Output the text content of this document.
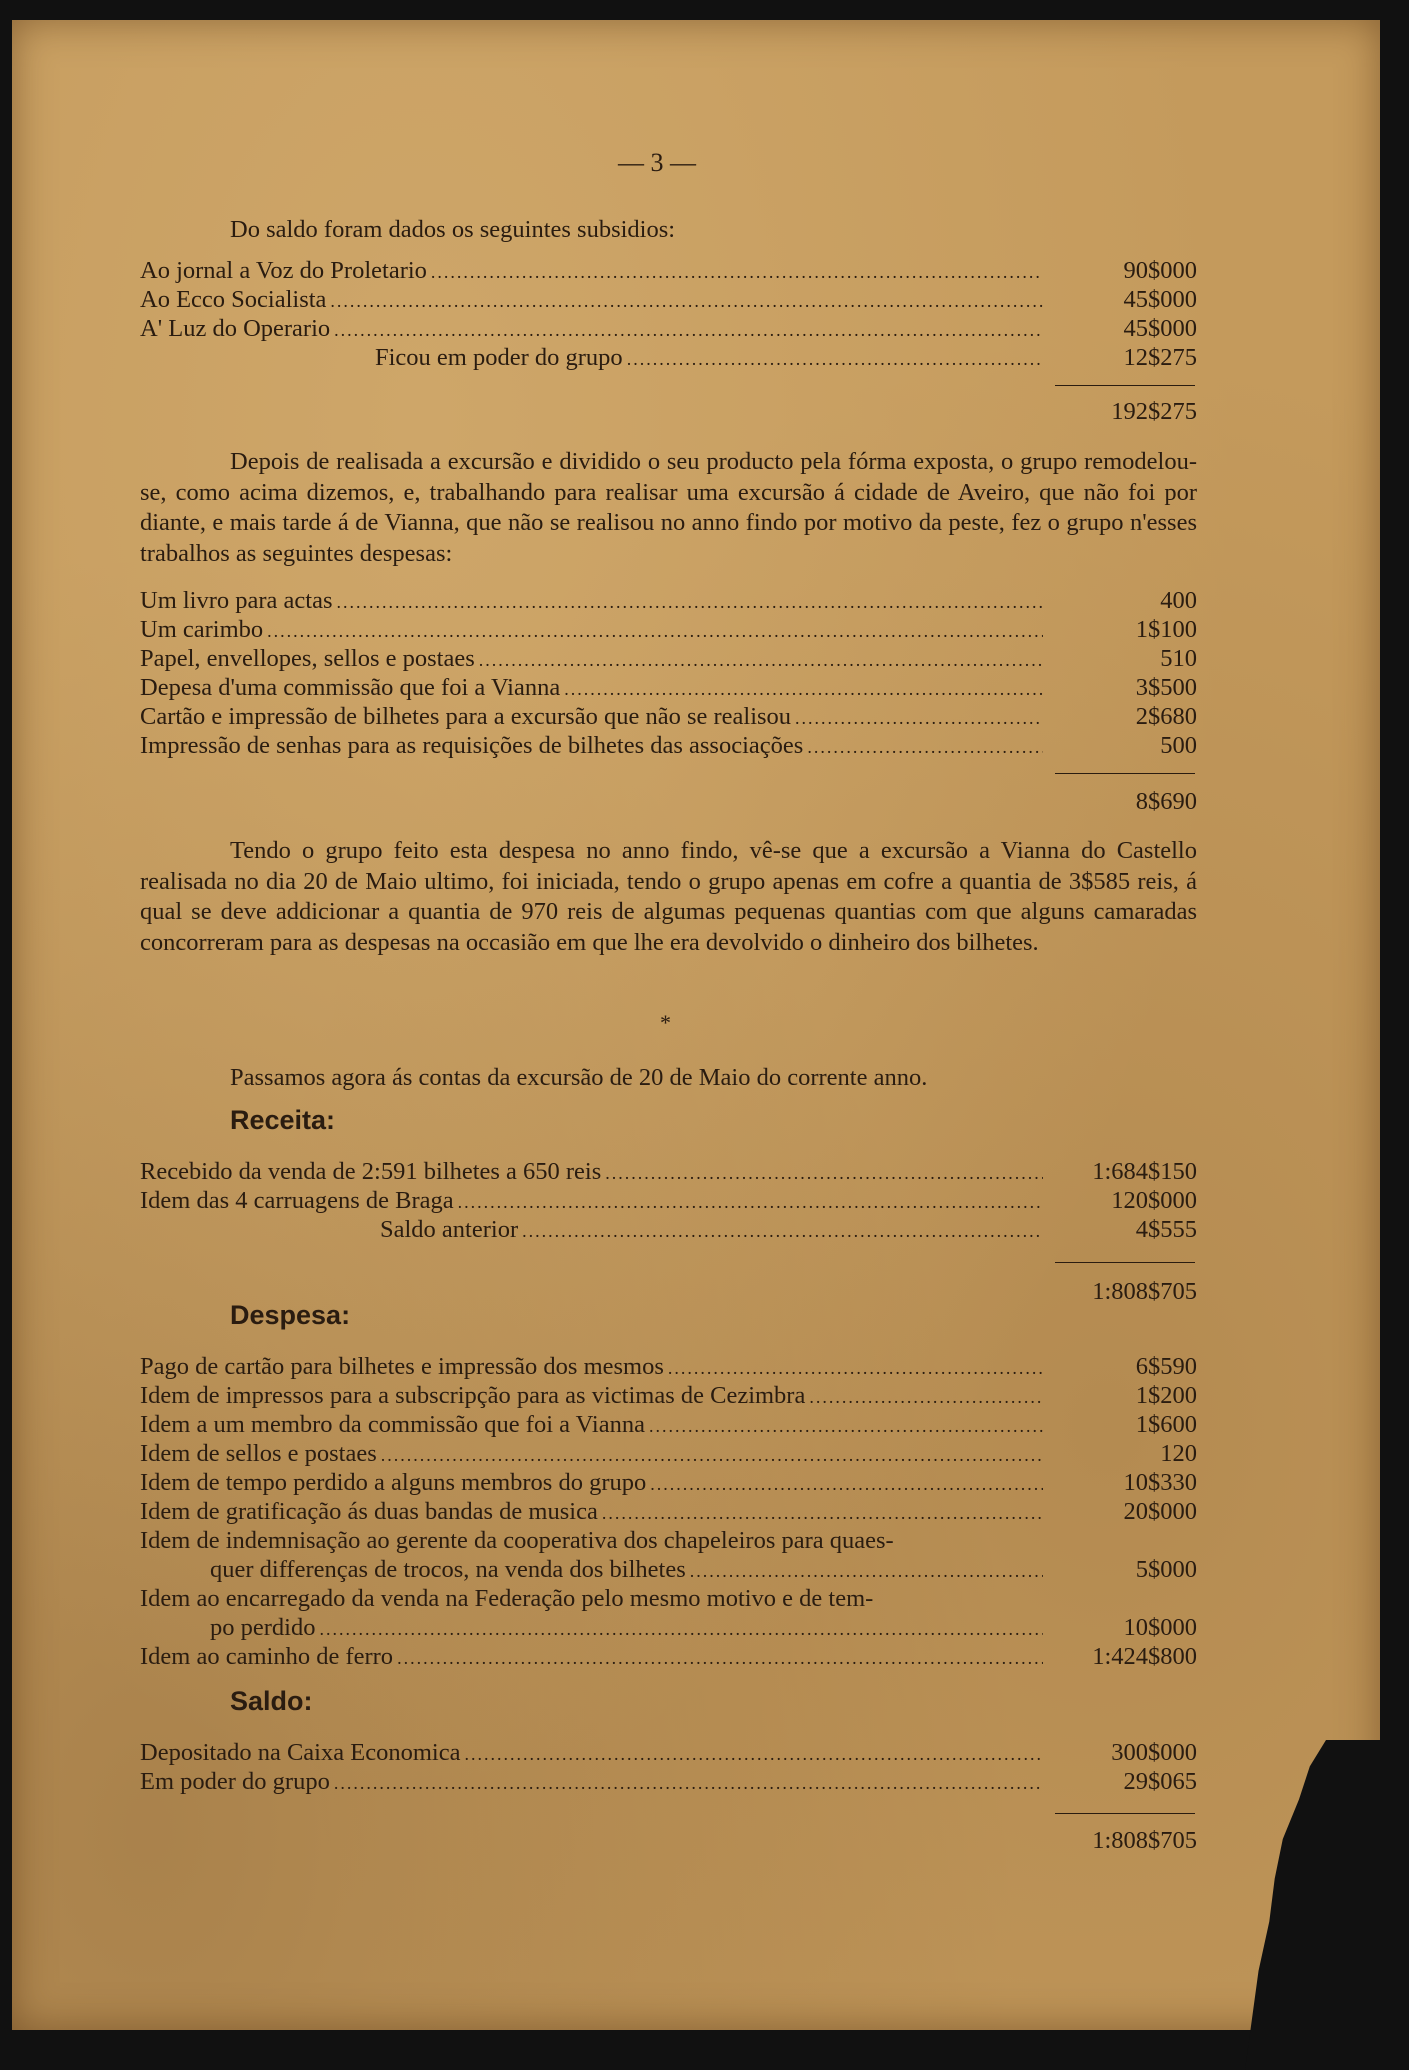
— 3 —
Do saldo foram dados os seguintes subsidios:
Ao jornal a Voz do Proletario .....	90$000
Ao Ecco Socialista .....	45$000
A' Luz do Operario .....	45$000
Ficou em poder do grupo .....	12$275
192$275
Depois de realisada a excursão e dividido o seu producto pela fórma exposta, o grupo remodelou-se, como acima dizemos, e, trabalhando para realisar uma excursão á cidade de Aveiro, que não foi por diante, e mais tarde á de Vianna, que não se realisou no anno findo por motivo da peste, fez o grupo n'esses trabalhos as seguintes despesas:
Um livro para actas .....	400
Um carimbo .....	1$100
Papel, envellopes, sellos e postaes .....	510
Depesa d'uma commissão que foi a Vianna .....	3$500
Cartão e impressão de bilhetes para a excursão que não se realisou .....	2$680
Impressão de senhas para as requisições de bilhetes das associações .....	500
8$690
Tendo o grupo feito esta despesa no anno findo, vê-se que a excursão a Vianna do Castello realisada no dia 20 de Maio ultimo, foi iniciada, tendo o grupo apenas em cofre a quantia de 3$585 reis, á qual se deve addicionar a quantia de 970 reis de algumas pequenas quantias com que alguns camaradas concorreram para as despesas na occasião em que lhe era devolvido o dinheiro dos bilhetes.
*
Passamos agora ás contas da excursão de 20 de Maio do corrente anno.
Receita:
Recebido da venda de 2:591 bilhetes a 650 reis .....	1:684$150
Idem das 4 carruagens de Braga .....	120$000
Saldo anterior .....	4$555
1:808$705
Despesa:
Pago de cartão para bilhetes e impressão dos mesmos .....	6$590
Idem de impressos para a subscripção para as victimas de Cezimbra .....	1$200
Idem a um membro da commissão que foi a Vianna .....	1$600
Idem de sellos e postaes .....	120
Idem de tempo perdido a alguns membros do grupo .....	10$330
Idem de gratificação ás duas bandas de musica .....	20$000
Idem de indemnisação ao gerente da cooperativa dos chapeleiros para quaes-
quer differenças de trocos, na venda dos bilhetes .....	5$000
Idem ao encarregado da venda na Federação pelo mesmo motivo e de tem-
po perdido .....	10$000
Idem ao caminho de ferro .....	1:424$800
Saldo:
Depositado na Caixa Economica .....	300$000
Em poder do grupo .....	29$065
1:808$705
